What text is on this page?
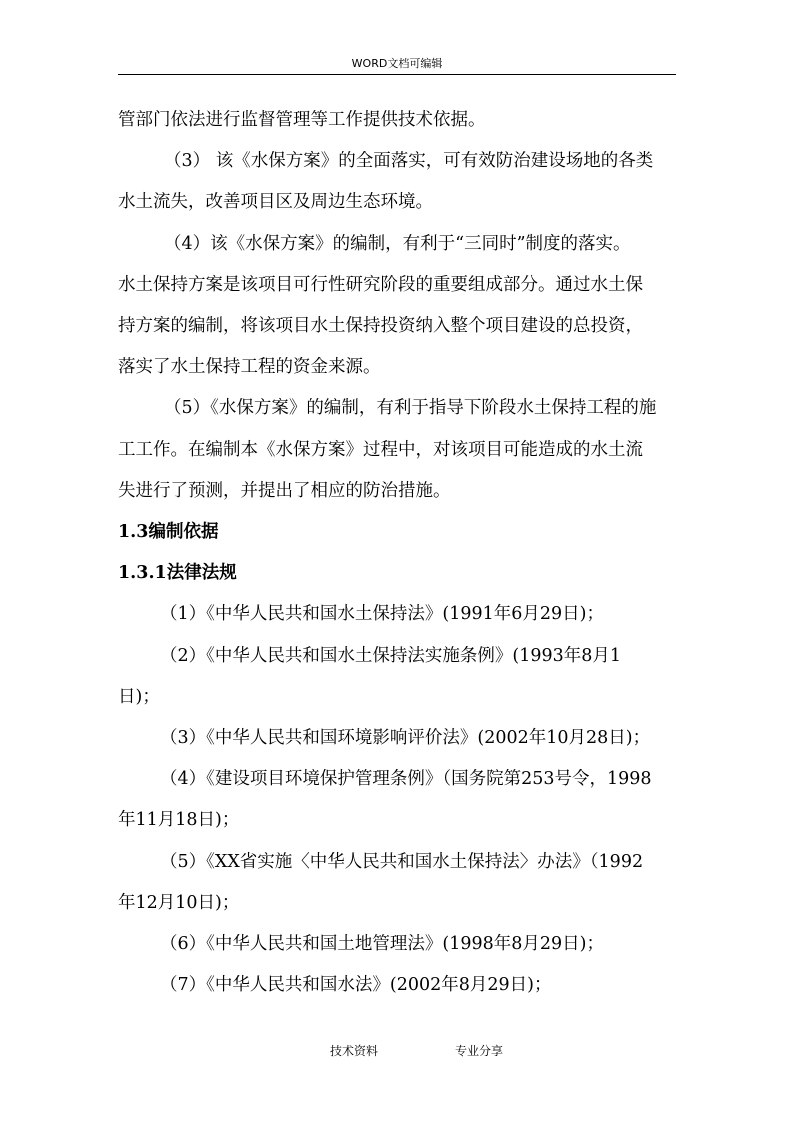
WORD文档可编辑

管部门依法进行监督管理等工作提供技术依据。

（3） 该《水保方案》的全面落实，可有效防治建设场地的各类

水土流失，改善项目区及周边生态环境。

（4）该《水保方案》的编制，有利于“三同时”制度的落实。

水土保持方案是该项目可行性研究阶段的重要组成部分。通过水土保

持方案的编制，将该项目水土保持投资纳入整个项目建设的总投资，

落实了水土保持工程的资金来源。

（5）《水保方案》的编制，有利于指导下阶段水土保持工程的施

工工作。在编制本《水保方案》过程中，对该项目可能造成的水土流

失进行了预测，并提出了相应的防治措施。

1.3编制依据

1.3.1法律法规

（1）《中华人民共和国水土保持法》(1991年6月29日)；

（2）《中华人民共和国水土保持法实施条例》(1993年8月1

日)；

（3）《中华人民共和国环境影响评价法》(2002年10月28日)；

（4）《建设项目环境保护管理条例》（国务院第253号令，1998

年11月18日)；

（5）《XX省实施〈中华人民共和国水土保持法〉办法》（1992

年12月10日)；

（6）《中华人民共和国土地管理法》(1998年8月29日)；

（7）《中华人民共和国水法》(2002年8月29日)；

技术资料	专业分享
